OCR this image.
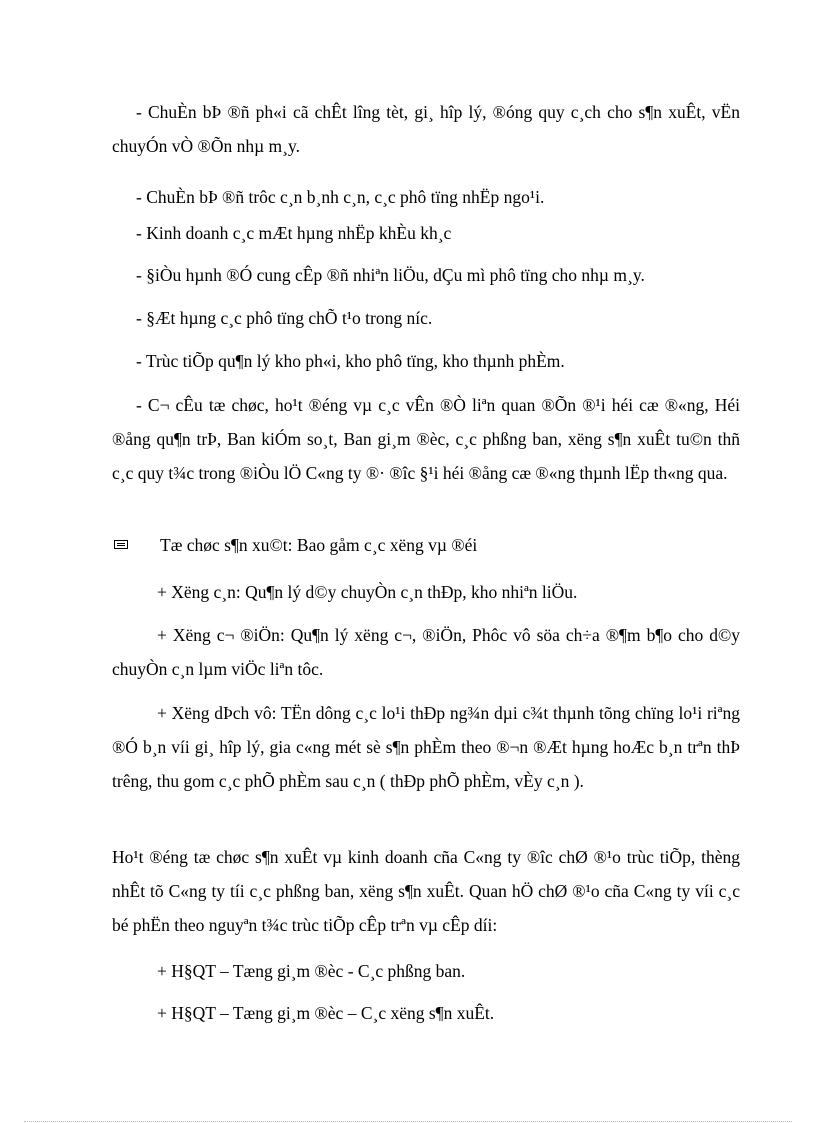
- ChuÈn bÞ ®ñ ph«i cã chÊt lîng tèt, gi¸ hîp lý, ®óng quy c¸ch cho s¶n xuÊt, vËn chuyÓn vÒ ®Õn nhµ m¸y.
- ChuÈn bÞ ®ñ trôc c¸n b¸nh c¸n, c¸c phô tïng nhËp ngo¹i.
- Kinh doanh c¸c mÆt hµng nhËp khÈu kh¸c
- §iÒu hµnh ®Ó cung cÊp ®ñ nhiªn liÖu, dÇu mì phô tïng cho nhµ m¸y.
- §Æt hµng c¸c phô tïng chÕ t¹o trong níc.
- Trùc tiÕp qu¶n lý kho ph«i, kho phô tïng, kho thµnh phÈm.
- C¬ cÊu tæ chøc, ho¹t ®éng vµ c¸c vÊn ®Ò liªn quan ®Õn ®¹i héi cæ ®«ng, Héi ®ång qu¶n trÞ, Ban kiÓm so¸t, Ban gi¸m ®èc, c¸c phßng ban, xëng s¶n xuÊt tu©n thñ c¸c quy t¾c trong ®iÒu lÖ C«ng ty ®· ®îc §¹i héi ®ång cæ ®«ng thµnh lËp th«ng qua.
Tæ chøc s¶n xu©t: Bao gåm c¸c xëng vµ ®éi
+ Xëng c¸n: Qu¶n lý d©y chuyÒn c¸n thÐp, kho nhiªn liÖu.
+ Xëng c¬ ®iÖn: Qu¶n lý xëng c¬, ®iÖn, Phôc vô söa ch÷a ®¶m b¶o cho d©y chuyÒn c¸n lµm viÖc liªn tôc.
+ Xëng dÞch vô: TËn dông c¸c lo¹i thÐp ng¾n dµi c¾t thµnh tõng chïng lo¹i riªng ®Ó b¸n víi gi¸ hîp lý, gia c«ng mét sè s¶n phÈm theo ®¬n ®Æt hµng hoÆc b¸n trªn thÞ trêng, thu gom c¸c phÕ phÈm sau c¸n ( thÐp phÕ phÈm, vÈy c¸n ).
Ho¹t ®éng tæ chøc s¶n xuÊt vµ kinh doanh cña C«ng ty ®îc chØ ®¹o trùc tiÕp, thèng nhÊt tõ C«ng ty tíi c¸c phßng ban, xëng s¶n xuÊt. Quan hÖ chØ ®¹o cña C«ng ty víi c¸c bé phËn theo nguyªn t¾c trùc tiÕp cÊp trªn vµ cÊp díi:
+ H§QT – Tæng gi¸m ®èc - C¸c phßng ban.
+ H§QT – Tæng gi¸m ®èc – C¸c xëng s¶n xuÊt.
